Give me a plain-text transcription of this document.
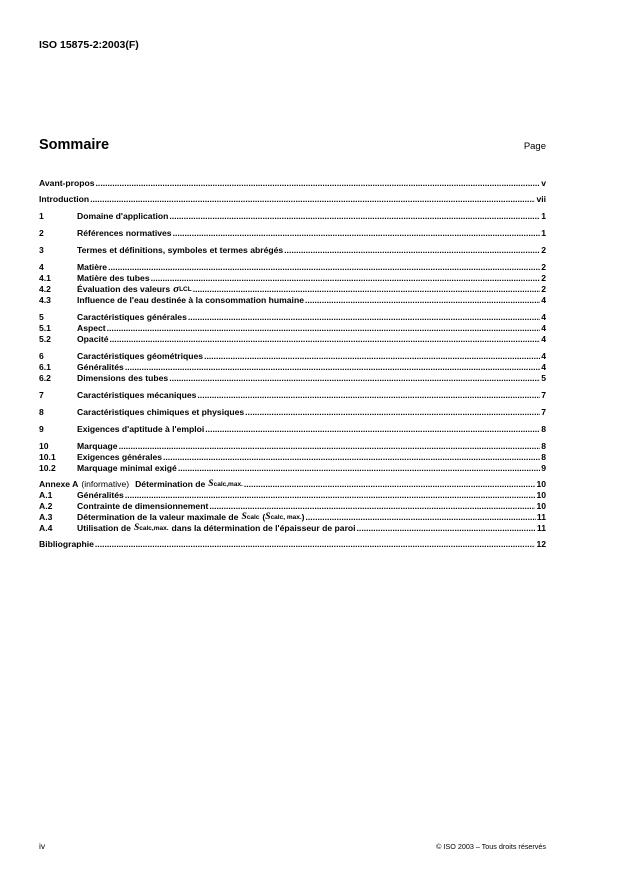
ISO 15875-2:2003(F)
Sommaire	Page
Avant-propos .....	v
Introduction .....	vii
1	Domaine d'application .....	1
2	Références normatives .....	1
3	Termes et définitions, symboles et termes abrégés .....	2
4	Matière .....	2
4.1	Matière des tubes .....	2
4.2	Évaluation des valeurs σ LCL .....	2
4.3	Influence de l'eau destinée à la consommation humaine .....	4
5	Caractéristiques générales .....	4
5.1	Aspect .....	4
5.2	Opacité .....	4
6	Caractéristiques géométriques .....	4
6.1	Généralités .....	4
6.2	Dimensions des tubes .....	5
7	Caractéristiques mécaniques .....	7
8	Caractéristiques chimiques et physiques .....	7
9	Exigences d'aptitude à l'emploi .....	8
10	Marquage .....	8
10.1	Exigences générales .....	8
10.2	Marquage minimal exigé .....	9
Annexe A (informative) Détermination de S calc,max. .....	10
A.1	Généralités .....	10
A.2	Contrainte de dimensionnement .....	10
A.3	Détermination de la valeur maximale de S calc ( S calc, max. ) .....	11
A.4	Utilisation de S calc,max. dans la détermination de l'épaisseur de paroi .....	11
Bibliographie .....	12
iv	© ISO 2003 – Tous droits réservés
